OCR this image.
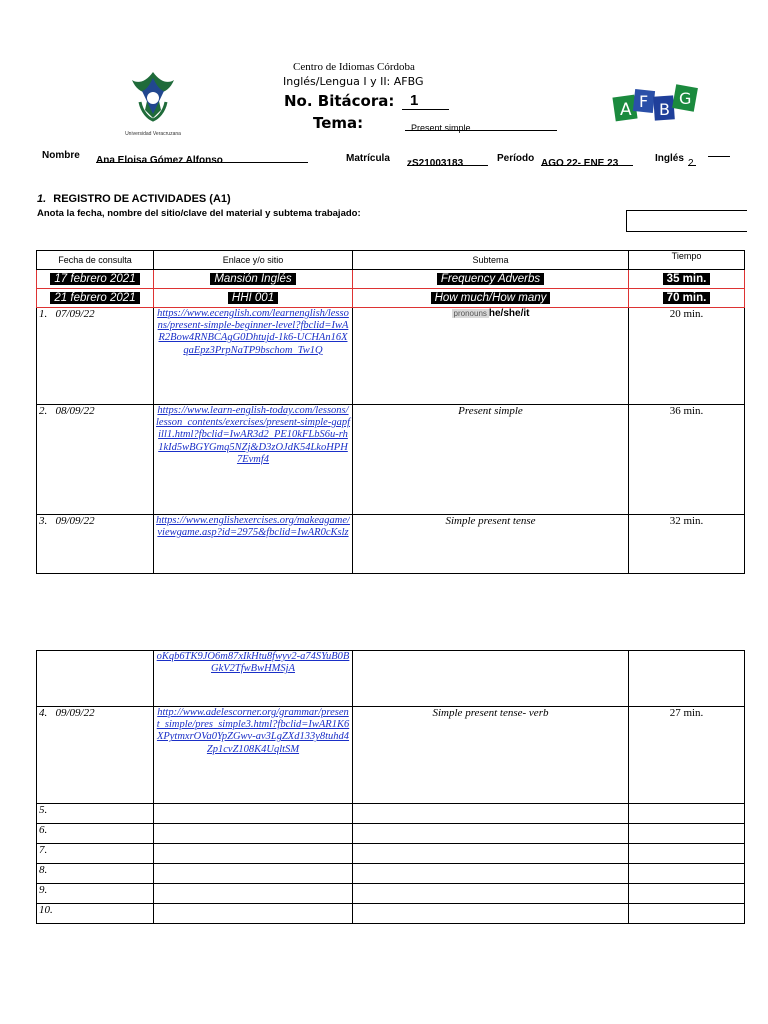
Universidad Veracruzana
Centro de Idiomas Córdoba
Inglés/Lengua I y II: AFBG
No. Bitácora:	1
Tema:	Present simple
A F B
G
Nombre Ana Eloisa Gómez Alfonso	Matrícula zS21003183	Período AGO 22- ENE 23	Inglés 2
1. REGISTRO DE ACTIVIDADES (A1)
Anota la fecha, nombre del sitio/clave del material y subtema trabajado:
Fecha de consulta	Enlace y/o sitio	Subtema	Tiempo
17 febrero 2021	Mansión Inglés	Frequency Adverbs	35 min.
21 febrero 2021	HHI 001	How much/How many	70 min.
1. 07/09/22	https://www.ecenglish.com/learnenglish/lessons/present-simple-beginner-level?fbclid=IwAR2Bow4RNBCAgG0Dhtujd-1k6-UCHAn16XqaEpz3PrpNaTP9bschom_Tw1Q	pronouns he/she/it	20 min.
2. 08/09/22	https://www.learn-english-today.com/lessons/lesson_contents/exercises/present-simple-gapfill1.html?fbclid=IwAR3d2_PE10kFLbS6u-rh1kId5wBGYGmq5NZj&D3zOJdK54LkoHPH7Evmf4	Present simple	36 min.
3. 09/09/22	https://www.englishexercises.org/makeagame/viewgame.asp?id=2975&fbclid=IwAR0cKslz	Simple present tense	32 min.

	oKqb6TK9JO6m87xIkHtu8fwyv2-a74SYuB0BGkV2TfwBwHMSjA		

4. 09/09/22	http://www.adelescorner.org/grammar/present_simple/pres_simple3.html?fbclid=IwAR1K6XPytmxrOVa0YpZGwv-av3LgZXd133y8tuhd4Zp1cvZ108K4UqltSM	Simple present tense- verb	27 min.
5.			
6.			
7.			
8.			
9.			
10.			
